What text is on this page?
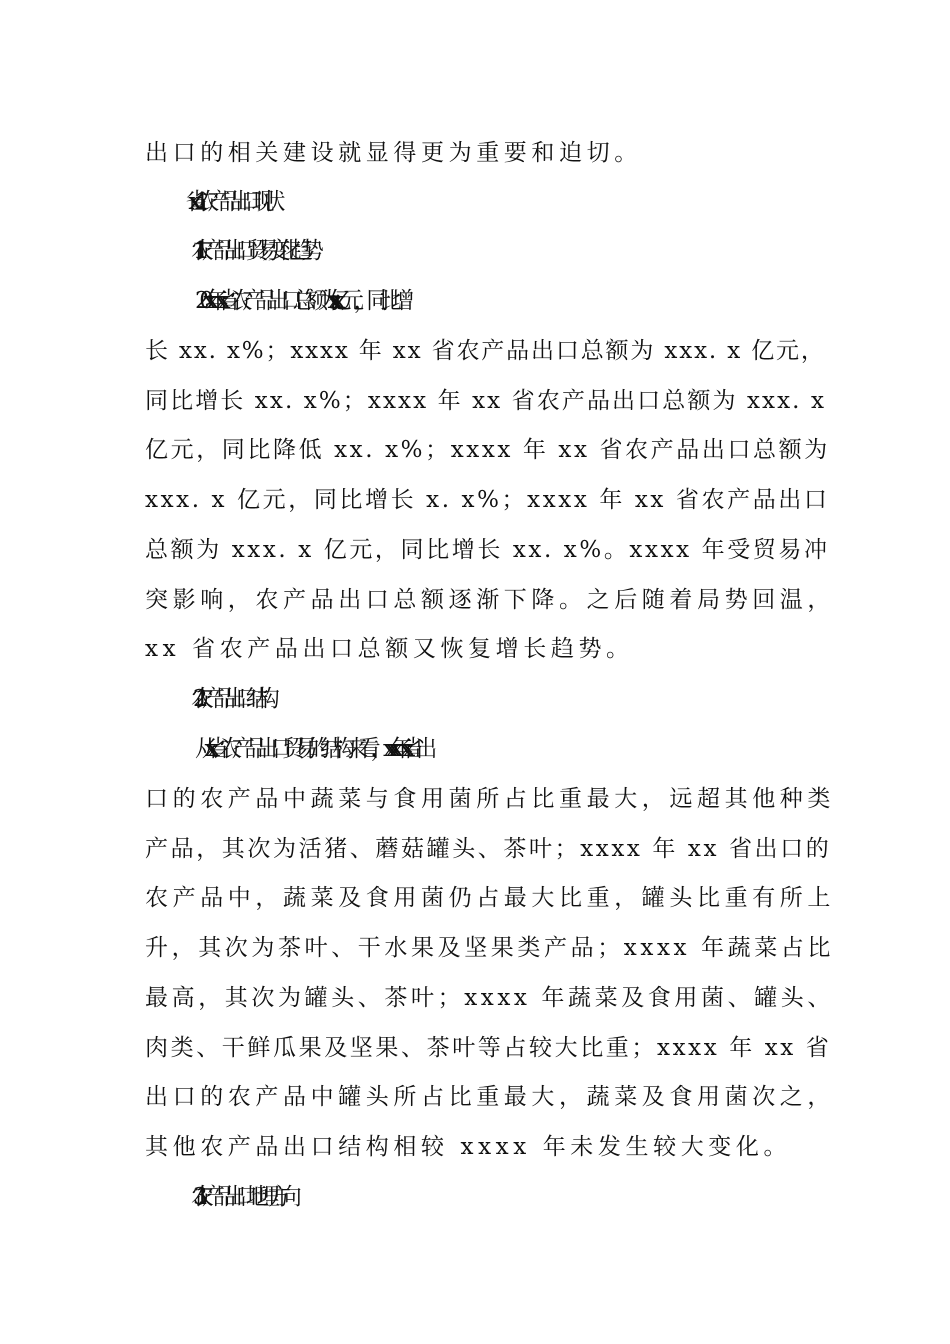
出口的相关建设就显得更为重要和迫切。
1. xx 省农产品出口现状
1.1 农产品出口贸易变化趋势
20xx 年 xx 省农产品出口总额为 xxx. x 亿元，同比增
长 xx. x%；xxxx 年 xx 省农产品出口总额为 xxx. x 亿元，
同比增长 xx. x%；xxxx 年 xx 省农产品出口总额为 xxx. x
亿元，同比降低 xx. x%；xxxx 年 xx 省农产品出口总额为
xxx. x 亿元，同比增长 x. x%；xxxx 年 xx 省农产品出口
总额为 xxx. x 亿元，同比增长 xx. x%。xxxx 年受贸易冲
突影响，农产品出口总额逐渐下降。之后随着局势回温，
xx 省农产品出口总额又恢复增长趋势。
1.2 农产品出口结构
从 xx 省农产品出口贸易的结构来看，xxxx 年 xx 省出
口的农产品中蔬菜与食用菌所占比重最大，远超其他种类
产品，其次为活猪、蘑菇罐头、茶叶；xxxx 年 xx 省出口的
农产品中，蔬菜及食用菌仍占最大比重，罐头比重有所上
升，其次为茶叶、干水果及坚果类产品；xxxx 年蔬菜占比
最高，其次为罐头、茶叶；xxxx 年蔬菜及食用菌、罐头、
肉类、干鲜瓜果及坚果、茶叶等占较大比重；xxxx 年 xx 省
出口的农产品中罐头所占比重最大，蔬菜及食用菌次之，
其他农产品出口结构相较 xxxx 年未发生较大变化。
1.3 农产品出口地理方向
